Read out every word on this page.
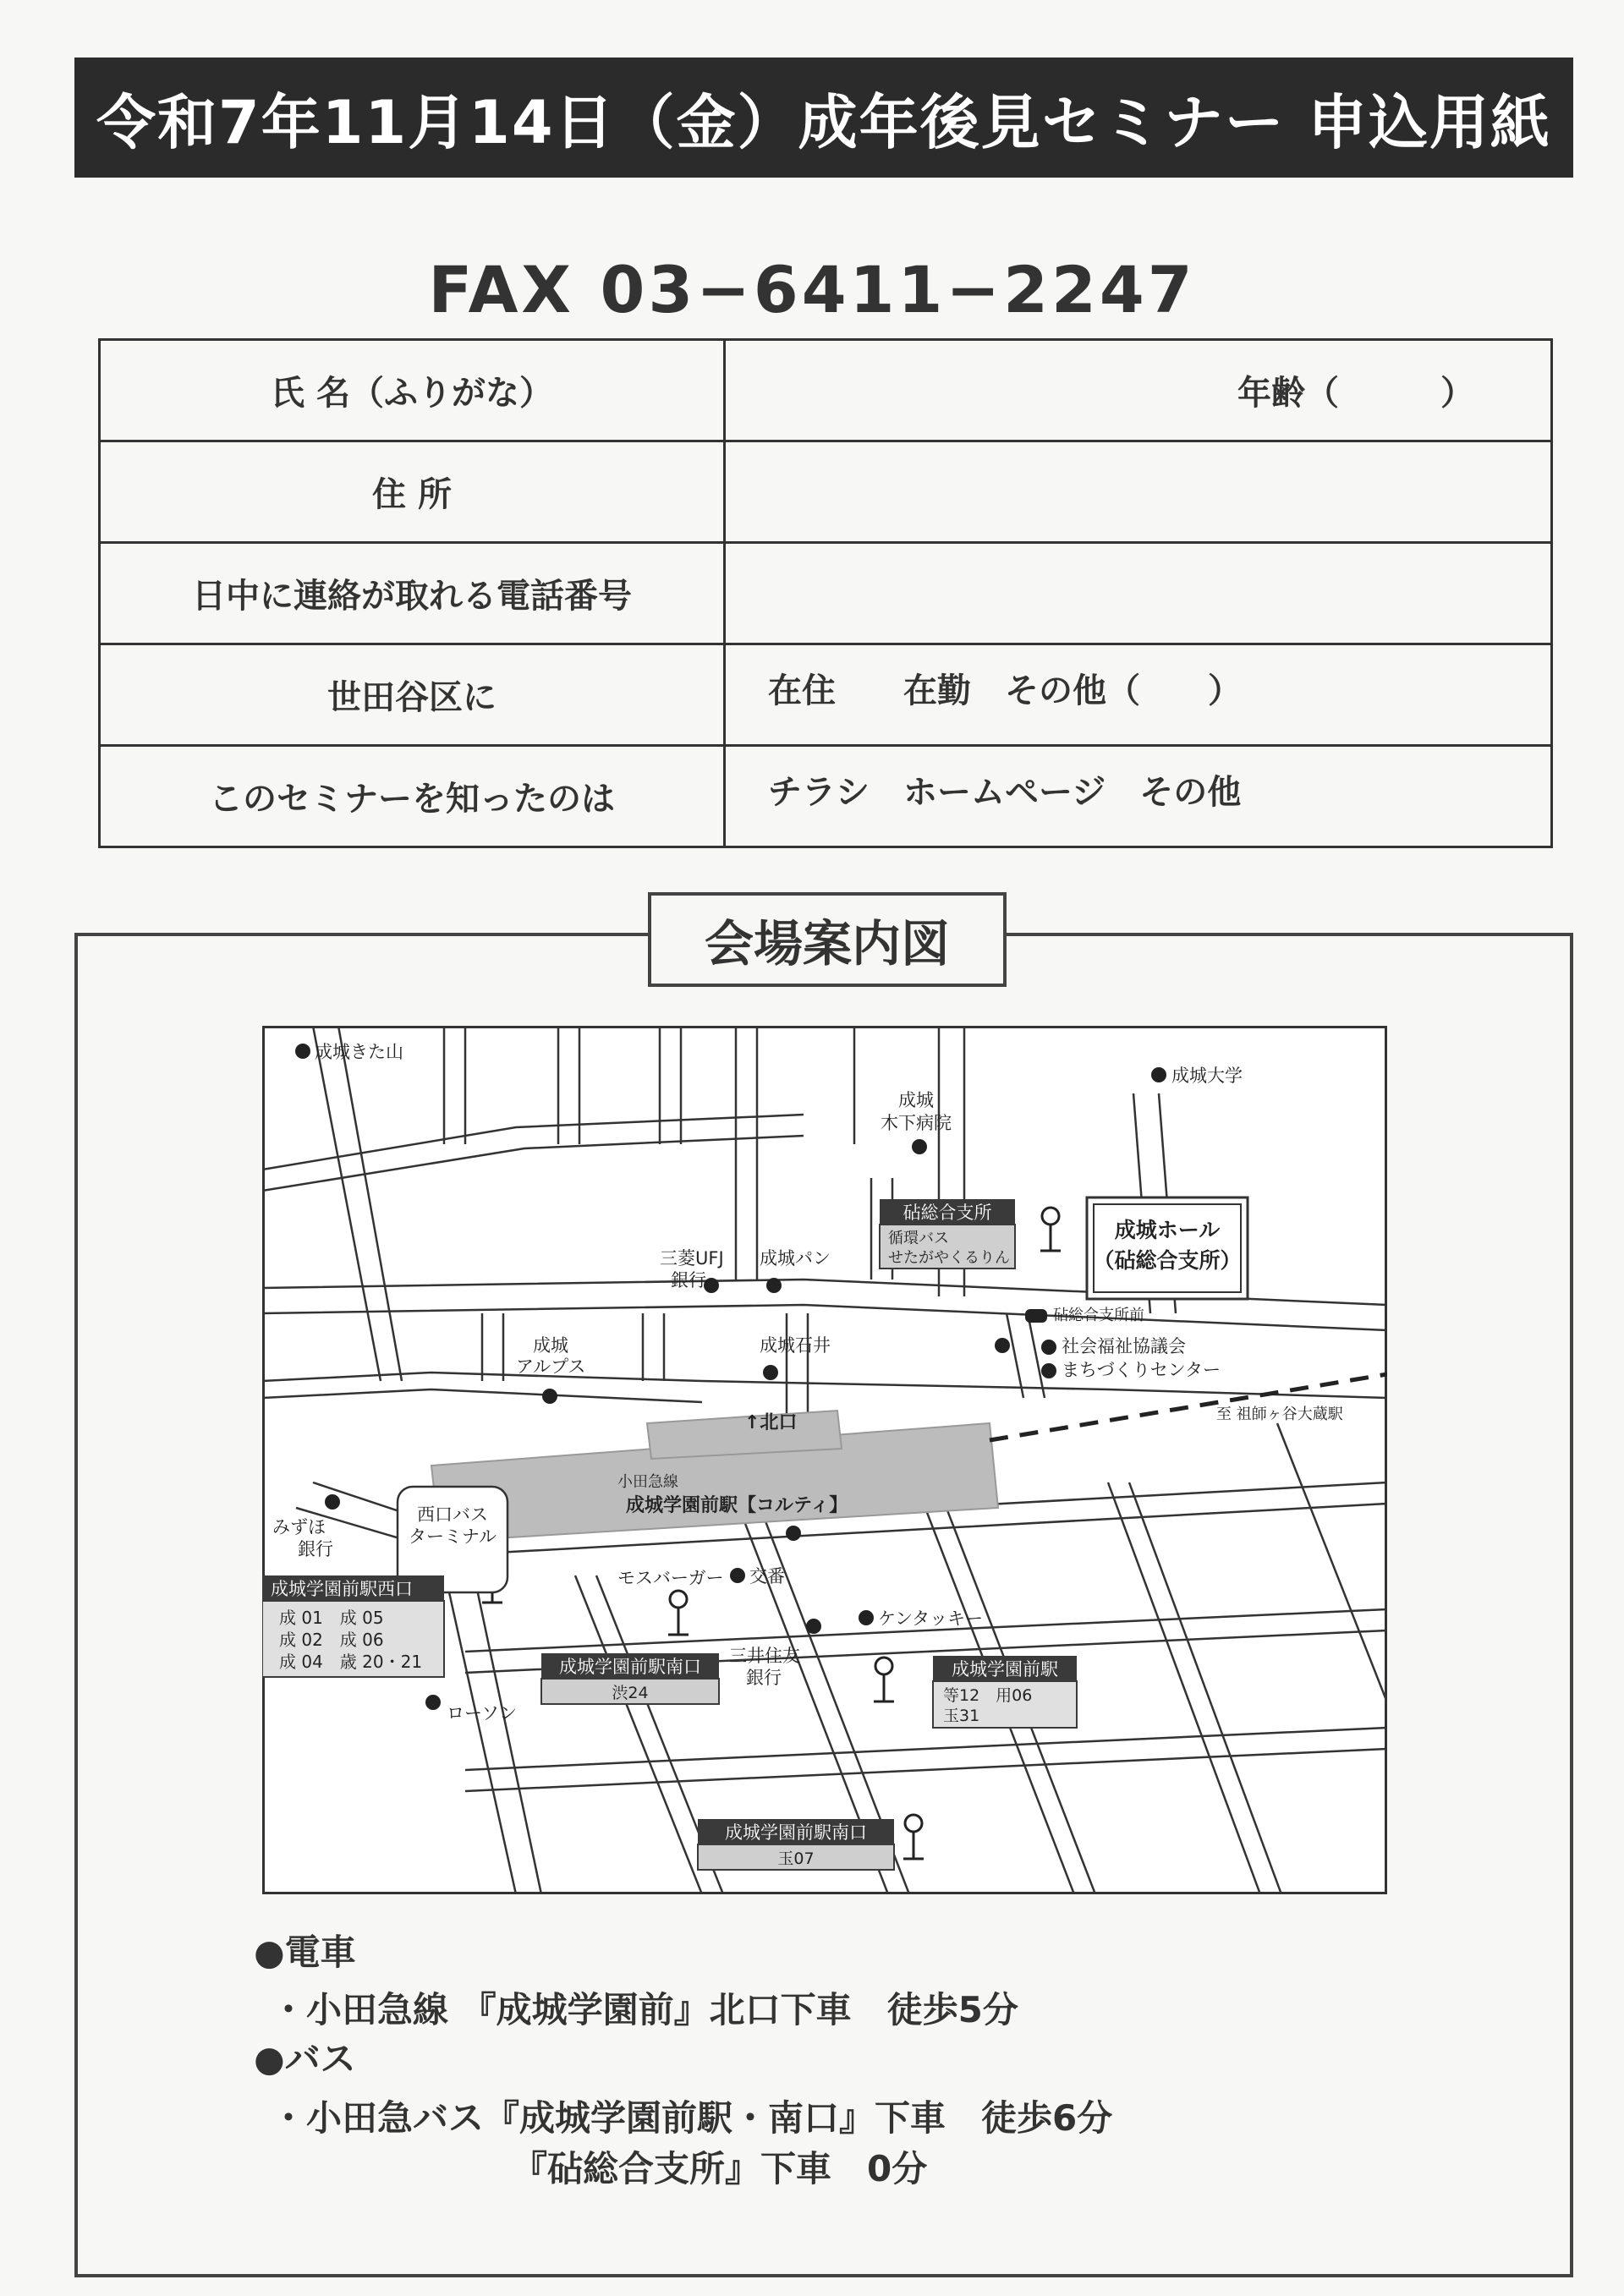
令和7年11月14日（金）成年後見セミナー 申込用紙
FAX 03−6411−2247
氏 名（ふりがな）	年齢（　　　）

住 所	
日中に連絡が取れる電話番号	
世田谷区に	在住　　在勤　その他（　　）

このセミナーを知ったのは	チラシ　ホームページ　その他
会場案内図
成城きた山
成城大学
成城
木下病院
砧総合支所
循環バス
せたがやくるりん
成城ホール
（砧総合支所）
三菱UFJ
銀行
成城パン
砧総合支所前
成城石井
成城
アルプス
社会福祉協議会
まちづくりセンター
至 祖師ヶ谷大蔵駅
↑北口
小田急線
成城学園前駅【コルティ】
みずほ
銀行
西口バス
ターミナル
交番
モスバーガー
成城学園前駅西口
成 01　成 05
成 02　成 06
成 04　歳 20・21
ケンタッキー
三井住友
銀行
成城学園前駅南口
渋24
成城学園前駅
等12　用06
玉31
ローソン
成城学園前駅南口
玉07
●電車
・小田急線 『成城学園前』北口下車　徒歩5分
●バス
・小田急バス『成城学園前駅・南口』下車　徒歩6分
『砧総合支所』下車　0分
